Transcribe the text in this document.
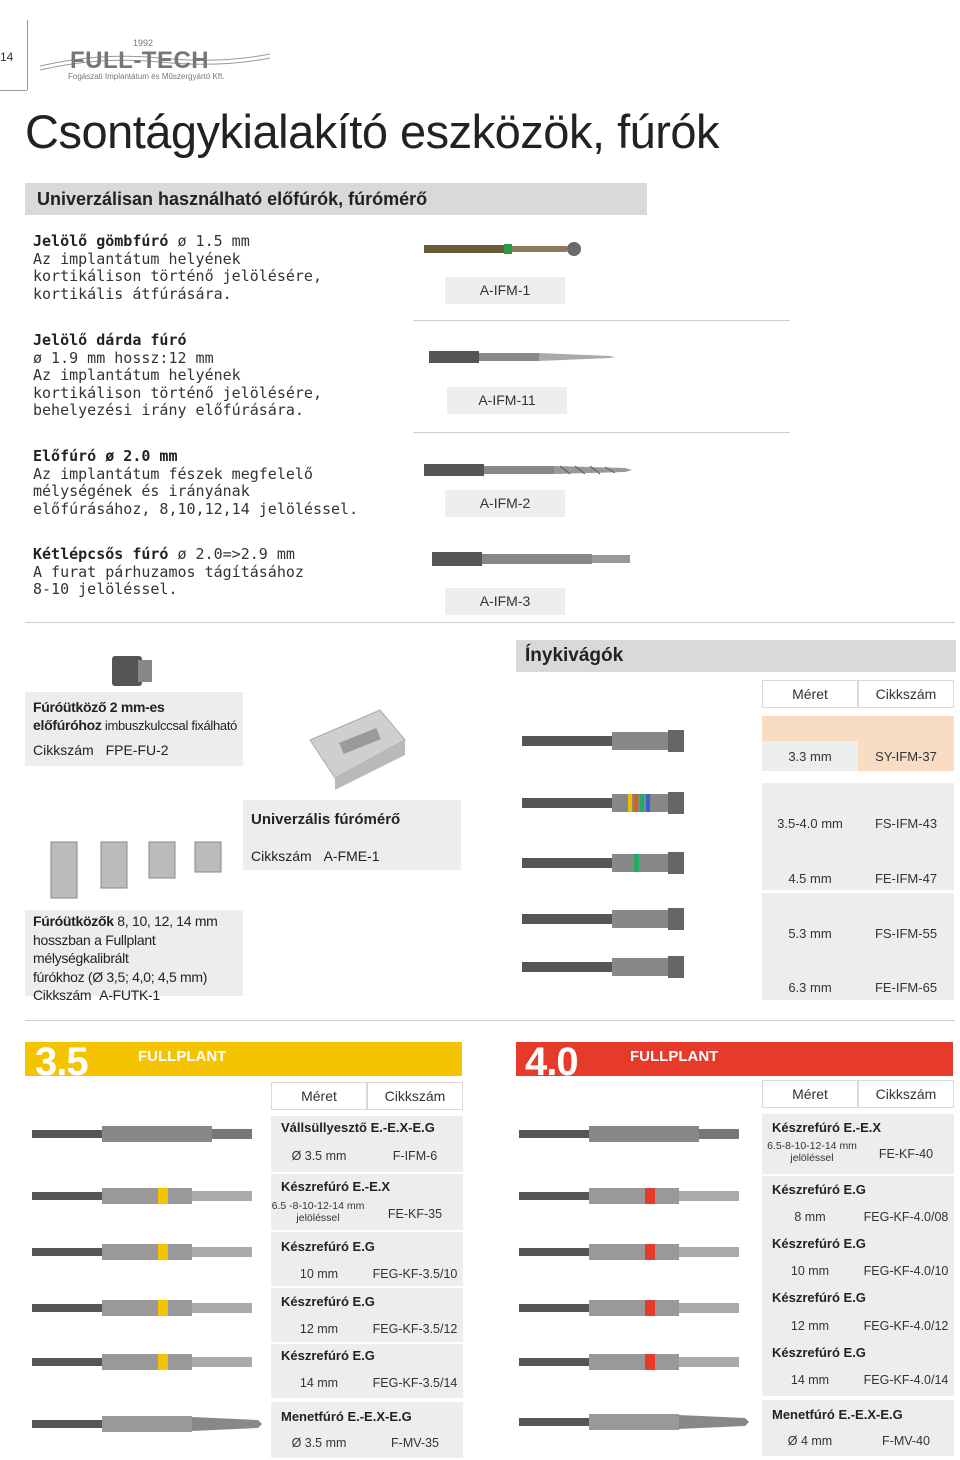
14
1992
FULL-TECH
Fogászati Implantátum és Műszergyártó Kft.
Csontágykialakító eszközök, fúrók
Univerzálisan használható előfúrók, fúrómérő
Jelölő gömbfúró ø 1.5 mm
Az implantátum helyének
kortikálison történő jelölésére,
kortikális átfúrására.	A-IFM-1
Jelölő dárda fúró
ø 1.9 mm hossz:12 mm
Az implantátum helyének
kortikálison történő jelölésére,
behelyezési irány előfúrására.
A-IFM-11
Előfúró ø 2.0 mm
Az implantátum fészek megfelelő
mélységének és irányának
előfúrásához, 8,10,12,14 jelöléssel.	A-IFM-2
Kétlépcsős fúró ø 2.0=>2.9 mm
A furat párhuzamos tágításához
8-10 jelöléssel.
A-IFM-3
Fúróütköző 2 mm-es
előfúróhoz imbuszkulccsal fixálható
Cikkszám FPE-FU-2
Univerzális fúrómérő
Cikkszám A-FME-1
Fúróütközők 8, 10, 12, 14 mm
hosszban a Fullplant mélységkalibrált
fúrókhoz (Ø 3,5; 4,0; 4,5 mm)
Cikkszám A-FUTK-1
Ínykivágók
Méret	Cikkszám
3.3 mm	SY-IFM-37
3.5-4.0 mm	FS-IFM-43
4.5 mm	FE-IFM-47
5.3 mm	FS-IFM-55
6.3 mm	FE-IFM-65
3.5	FULLPLANT
Méret	Cikkszám
Vállsüllyesztő E.-E.X-E.G
Ø 3.5 mm	F-IFM-6
Készrefúró E.-E.X
6.5 -8-10-12-14 mm jelöléssel	FE-KF-35
Készrefúró E.G
10 mm	FEG-KF-3.5/10
Készrefúró E.G
12 mm	FEG-KF-3.5/12
Készrefúró E.G
14 mm	FEG-KF-3.5/14
Menetfúró E.-E.X-E.G
Ø 3.5 mm	F-MV-35
4.0	FULLPLANT
Méret	Cikkszám
Készrefúró E.-E.X
6.5-8-10-12-14 mm jelöléssel	FE-KF-40
Készrefúró E.G
8 mm	FEG-KF-4.0/08
Készrefúró E.G
10 mm	FEG-KF-4.0/10
Készrefúró E.G
12 mm	FEG-KF-4.0/12
Készrefúró E.G
14 mm	FEG-KF-4.0/14
Menetfúró E.-E.X-E.G
Ø 4 mm	F-MV-40
